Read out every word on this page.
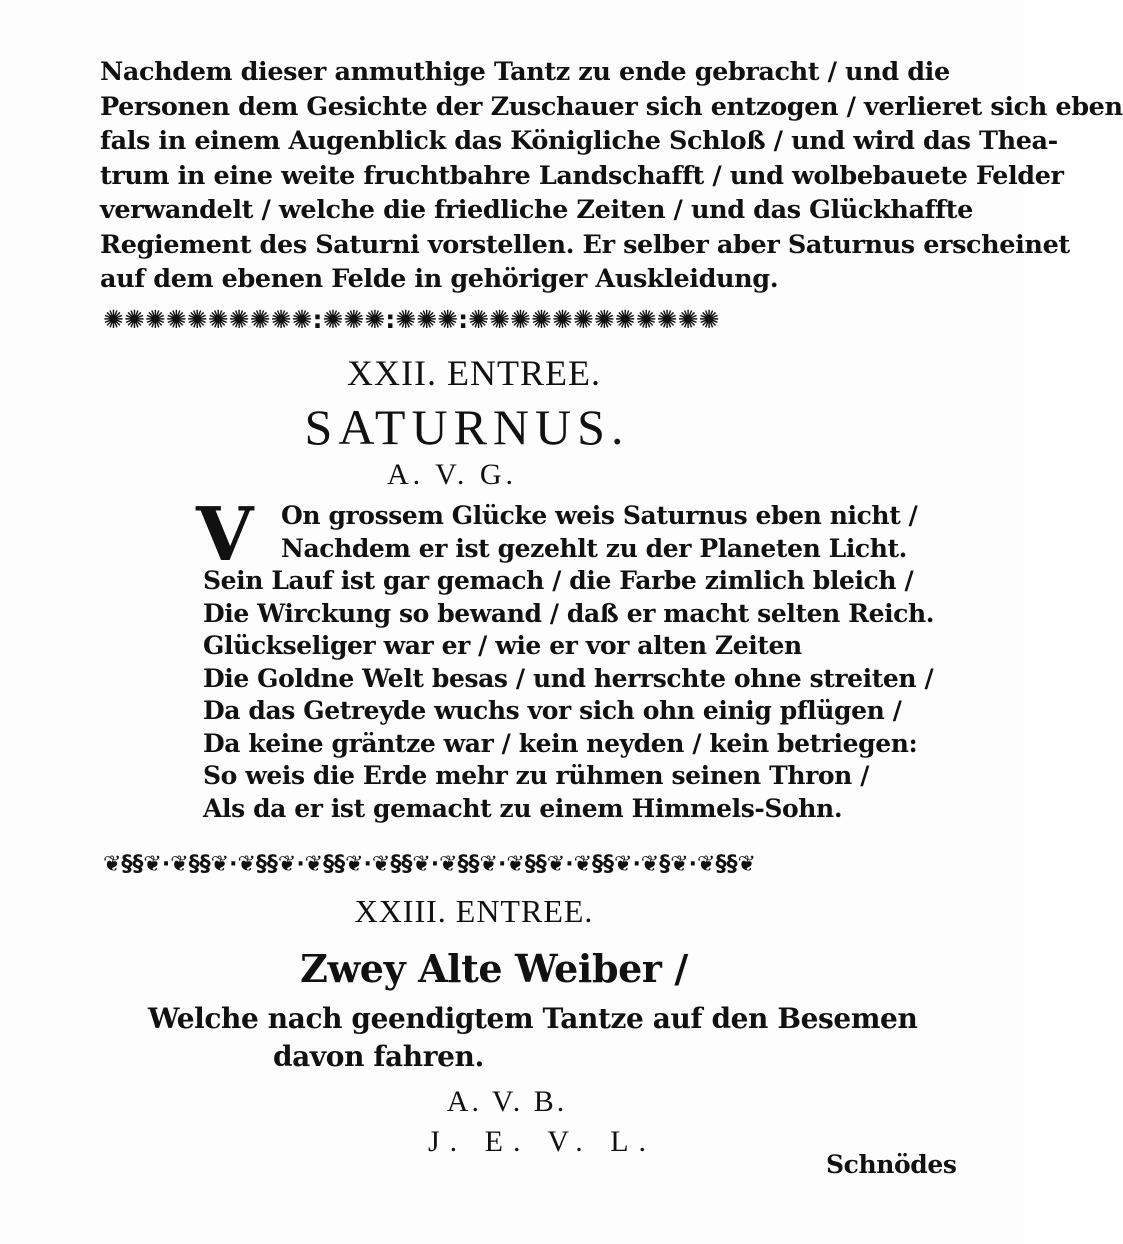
Nachdem dieser anmuthige Tantz zu ende gebracht / und die
Personen dem Gesichte der Zuschauer sich entzogen / verlieret sich eben
fals in einem Augenblick das Königliche Schloß / und wird das Thea-
trum in eine weite fruchtbahre Landschafft / und wolbebauete Felder
verwandelt / welche die friedliche Zeiten / und das Glückhaffte
Regiement des Saturni vorstellen. Er selber aber Saturnus erscheinet
auf dem ebenen Felde in gehöriger Auskleidung.
✺✺✺✺✺✺✺✺✺✺:✺✺✺:✺✺✺:✺✺✺✺✺✺✺✺✺✺✺✺
XXII. ENTREE.
SATURNUS.
A. V. G.
V	On grossem Glücke weis Saturnus eben nicht /
Nachdem er ist gezehlt zu der Planeten Licht.
Sein Lauf ist gar gemach / die Farbe zimlich bleich /
Die Wirckung so bewand / daß er macht selten Reich.
Glückseliger war er / wie er vor alten Zeiten
Die Goldne Welt besas / und herrschte ohne streiten /
Da das Getreyde wuchs vor sich ohn einig pflügen /
Da keine gräntze war / kein neyden / kein betriegen:
So weis die Erde mehr zu rühmen seinen Thron /
Als da er ist gemacht zu einem Himmels-Sohn.
❦§§❦·❦§§❦·❦§§❦·❦§§❦·❦§§❦·❦§§❦·❦§§❦·❦§§❦·❦§❦·❦§§❦
XXIII. ENTREE.
Zwey Alte Weiber /
Welche nach geendigtem Tantze auf den Besemen
davon fahren.
A. V. B.
J. E. V. L.
Schnödes
